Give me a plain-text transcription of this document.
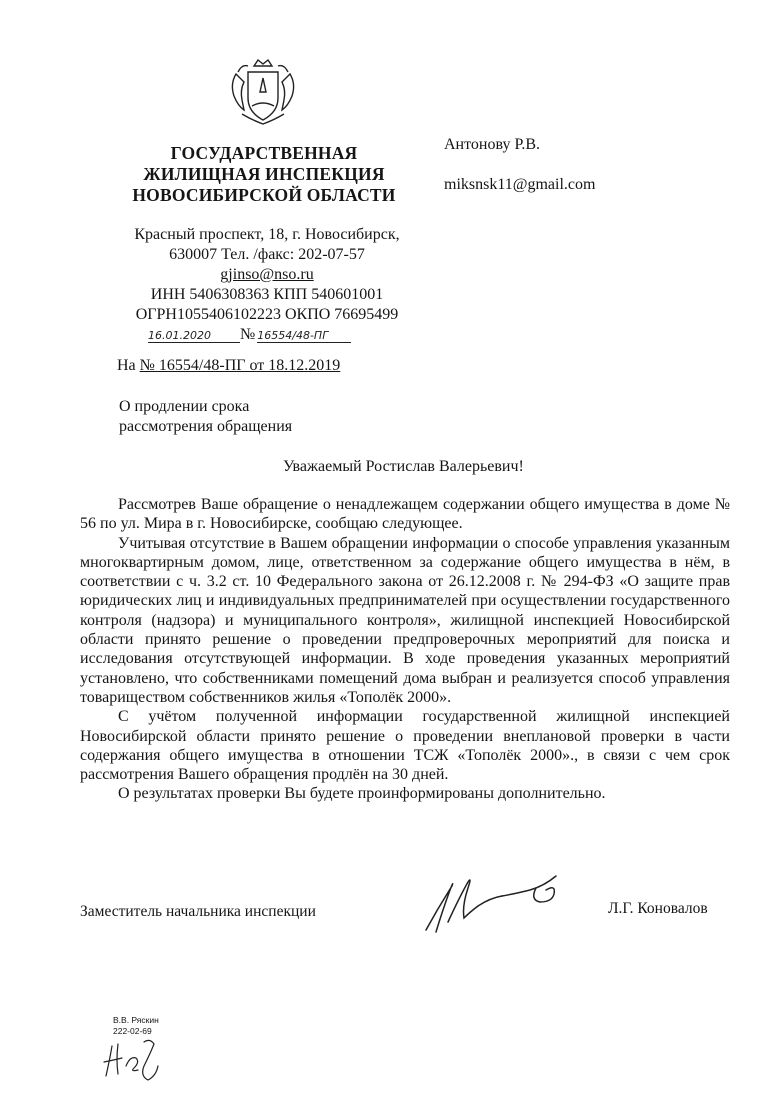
ГОСУДАРСТВЕННАЯ
ЖИЛИЩНАЯ ИНСПЕКЦИЯ
НОВОСИБИРСКОЙ ОБЛАСТИ
Антонову Р.В.
miksnsk11@gmail.com
Красный проспект, 18, г. Новосибирск,
630007 Тел. /факс: 202-07-57
gjinso@nso.ru
ИНН 5406308363 КПП 540601001
ОГРН1055406102223 ОКПО 76695499
16.01.2020 № 16554/48-ПГ
На № 16554/48-ПГ от 18.12.2019
О продлении срока
рассмотрения обращения
Уважаемый Ростислав Валерьевич!

Рассмотрев Ваше обращение о ненадлежащем содержании общего имущества в доме № 56 по ул. Мира в г. Новосибирске, сообщаю следующее.

Учитывая отсутствие в Вашем обращении информации о способе управления указанным многоквартирным домом, лице, ответственном за содержание общего имущества в нём, в соответствии с ч. 3.2 ст. 10 Федерального закона от 26.12.2008 г. № 294-ФЗ «О защите прав юридических лиц и индивидуальных предпринимателей при осуществлении государственного контроля (надзора) и муниципального контроля», жилищной инспекцией Новосибирской области принято решение о проведении предпроверочных мероприятий для поиска и исследования отсутствующей информации. В ходе проведения указанных мероприятий установлено, что собственниками помещений дома выбран и реализуется способ управления товариществом собственников жилья «Тополёк 2000».

С учётом полученной информации государственной жилищной инспекцией Новосибирской области принято решение о проведении внеплановой проверки в части содержания общего имущества в отношении ТСЖ «Тополёк 2000»., в связи с чем срок рассмотрения Вашего обращения продлён на 30 дней.

О результатах проверки Вы будете проинформированы дополнительно.

Заместитель начальника инспекции	Л.Г. Коновалов
В.В. Ряскин
222-02-69
